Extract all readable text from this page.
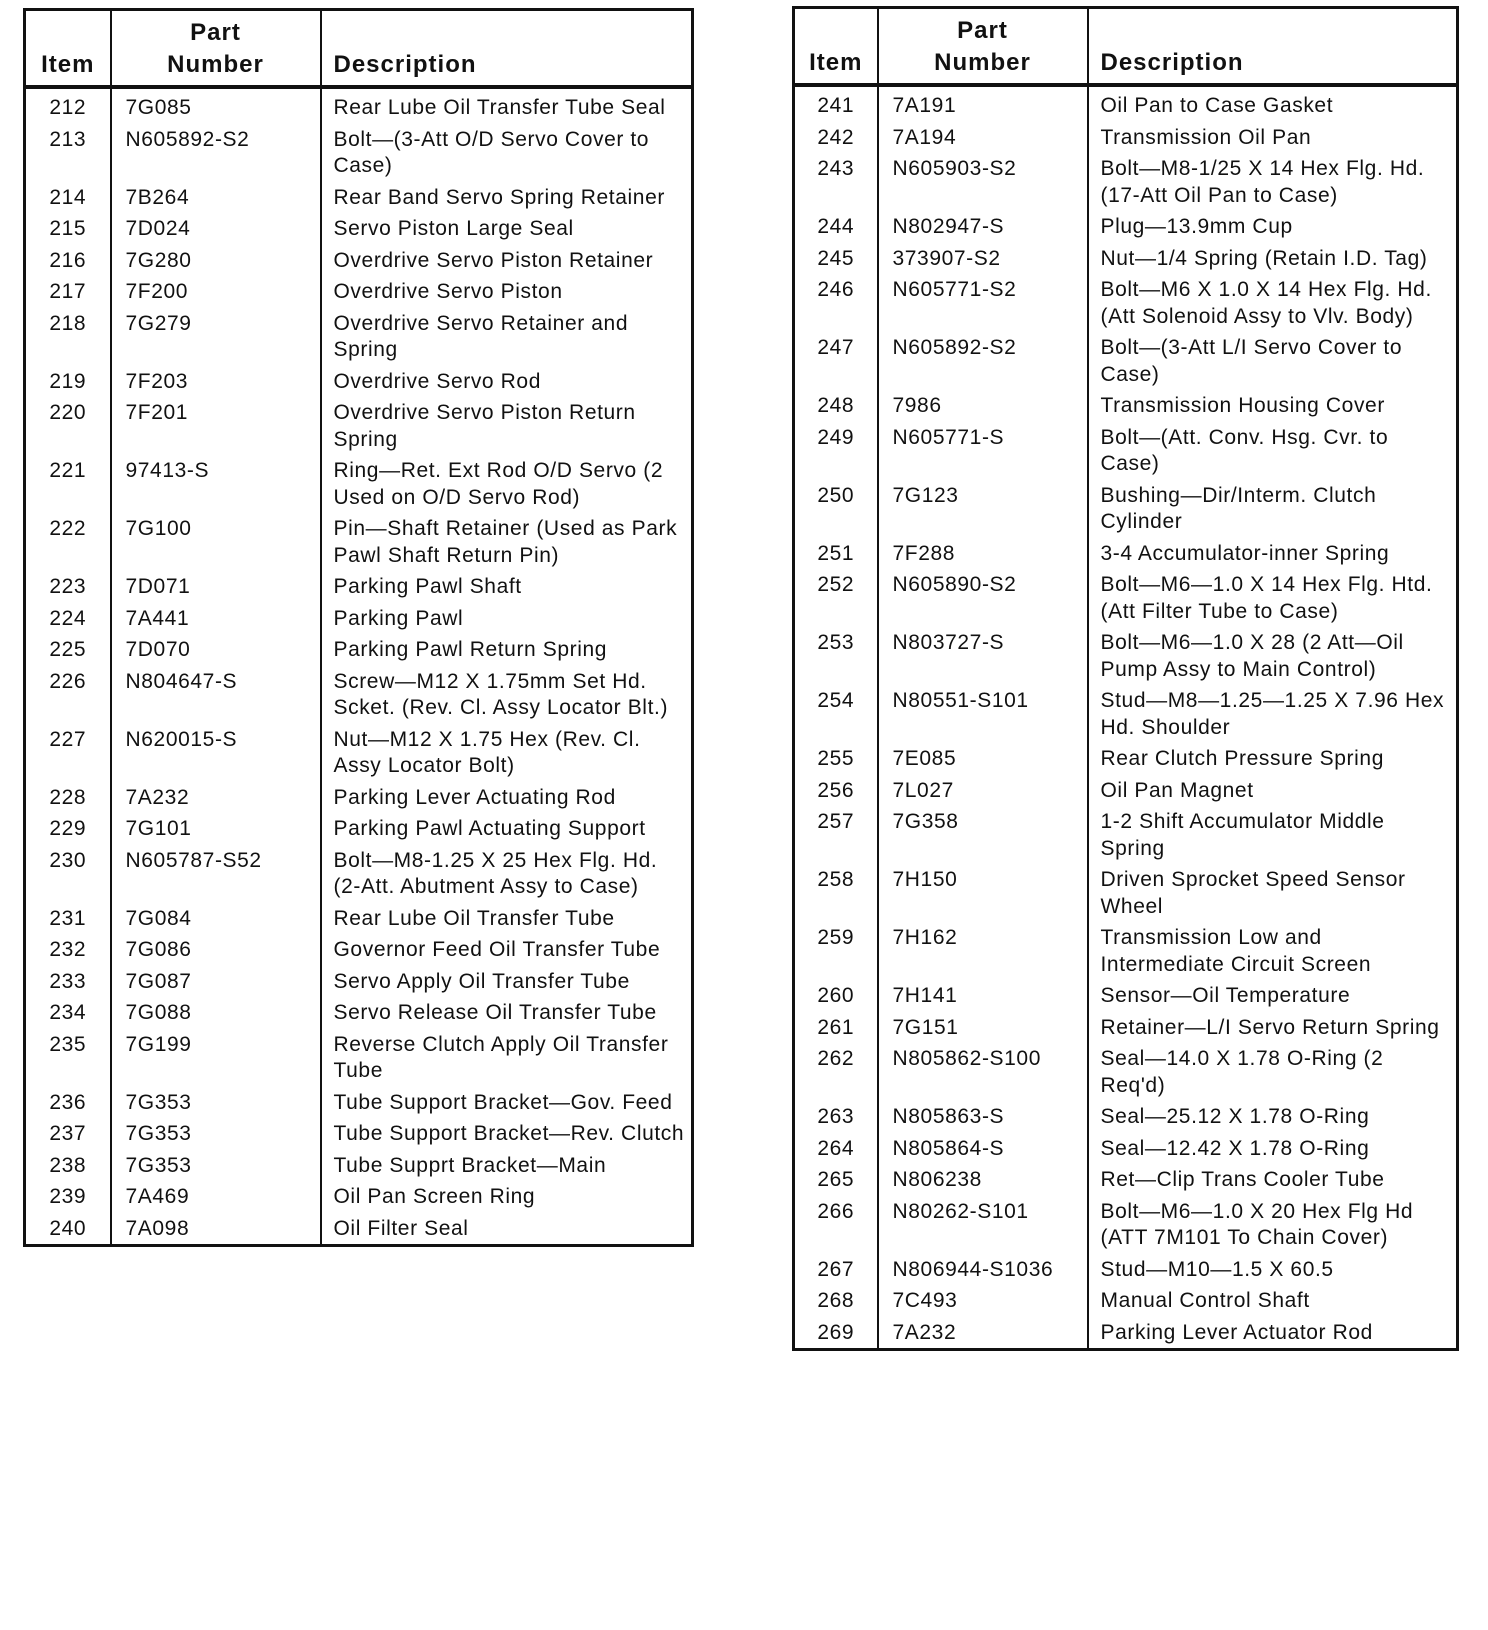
Item	Part
Number	Description
212	7G085	Rear Lube Oil Transfer Tube Seal
213	N605892-S2	Bolt—(3-Att O/D Servo Cover to Case)
214	7B264	Rear Band Servo Spring Retainer
215	7D024	Servo Piston Large Seal
216	7G280	Overdrive Servo Piston Retainer
217	7F200	Overdrive Servo Piston
218	7G279	Overdrive Servo Retainer and Spring
219	7F203	Overdrive Servo Rod
220	7F201	Overdrive Servo Piston Return Spring
221	97413-S	Ring—Ret. Ext Rod O/D Servo (2 Used on O/D Servo Rod)
222	7G100	Pin—Shaft Retainer (Used as Park Pawl Shaft Return Pin)
223	7D071	Parking Pawl Shaft
224	7A441	Parking Pawl
225	7D070	Parking Pawl Return Spring
226	N804647-S	Screw—M12 X 1.75mm Set Hd. Scket. (Rev. Cl. Assy Locator Blt.)
227	N620015-S	Nut—M12 X 1.75 Hex (Rev. Cl. Assy Locator Bolt)
228	7A232	Parking Lever Actuating Rod
229	7G101	Parking Pawl Actuating Support
230	N605787-S52	Bolt—M8-1.25 X 25 Hex Flg. Hd. (2-Att. Abutment Assy to Case)
231	7G084	Rear Lube Oil Transfer Tube
232	7G086	Governor Feed Oil Transfer Tube
233	7G087	Servo Apply Oil Transfer Tube
234	7G088	Servo Release Oil Transfer Tube
235	7G199	Reverse Clutch Apply Oil Transfer Tube
236	7G353	Tube Support Bracket—Gov. Feed
237	7G353	Tube Support Bracket—Rev. Clutch
238	7G353	Tube Supprt Bracket—Main
239	7A469	Oil Pan Screen Ring
240	7A098	Oil Filter Seal
Item	Part
Number	Description
241	7A191	Oil Pan to Case Gasket
242	7A194	Transmission Oil Pan
243	N605903-S2	Bolt—M8-1/25 X 14 Hex Flg. Hd. (17-Att Oil Pan to Case)
244	N802947-S	Plug—13.9mm Cup
245	373907-S2	Nut—1/4 Spring (Retain I.D. Tag)
246	N605771-S2	Bolt—M6 X 1.0 X 14 Hex Flg. Hd. (Att Solenoid Assy to Vlv. Body)
247	N605892-S2	Bolt—(3-Att L/I Servo Cover to Case)
248	7986	Transmission Housing Cover
249	N605771-S	Bolt—(Att. Conv. Hsg. Cvr. to Case)
250	7G123	Bushing—Dir/Interm. Clutch Cylinder
251	7F288	3-4 Accumulator-inner Spring
252	N605890-S2	Bolt—M6—1.0 X 14 Hex Flg. Htd. (Att Filter Tube to Case)
253	N803727-S	Bolt—M6—1.0 X 28 (2 Att—Oil Pump Assy to Main Control)
254	N80551-S101	Stud—M8—1.25—1.25 X 7.96 Hex Hd. Shoulder
255	7E085	Rear Clutch Pressure Spring
256	7L027	Oil Pan Magnet
257	7G358	1-2 Shift Accumulator Middle Spring
258	7H150	Driven Sprocket Speed Sensor Wheel
259	7H162	Transmission Low and Intermediate Circuit Screen
260	7H141	Sensor—Oil Temperature
261	7G151	Retainer—L/I Servo Return Spring
262	N805862-S100	Seal—14.0 X 1.78 O-Ring (2 Req'd)
263	N805863-S	Seal—25.12 X 1.78 O-Ring
264	N805864-S	Seal—12.42 X 1.78 O-Ring
265	N806238	Ret—Clip Trans Cooler Tube
266	N80262-S101	Bolt—M6—1.0 X 20 Hex Flg Hd (ATT 7M101 To Chain Cover)
267	N806944-S1036	Stud—M10—1.5 X 60.5
268	7C493	Manual Control Shaft
269	7A232	Parking Lever Actuator Rod
